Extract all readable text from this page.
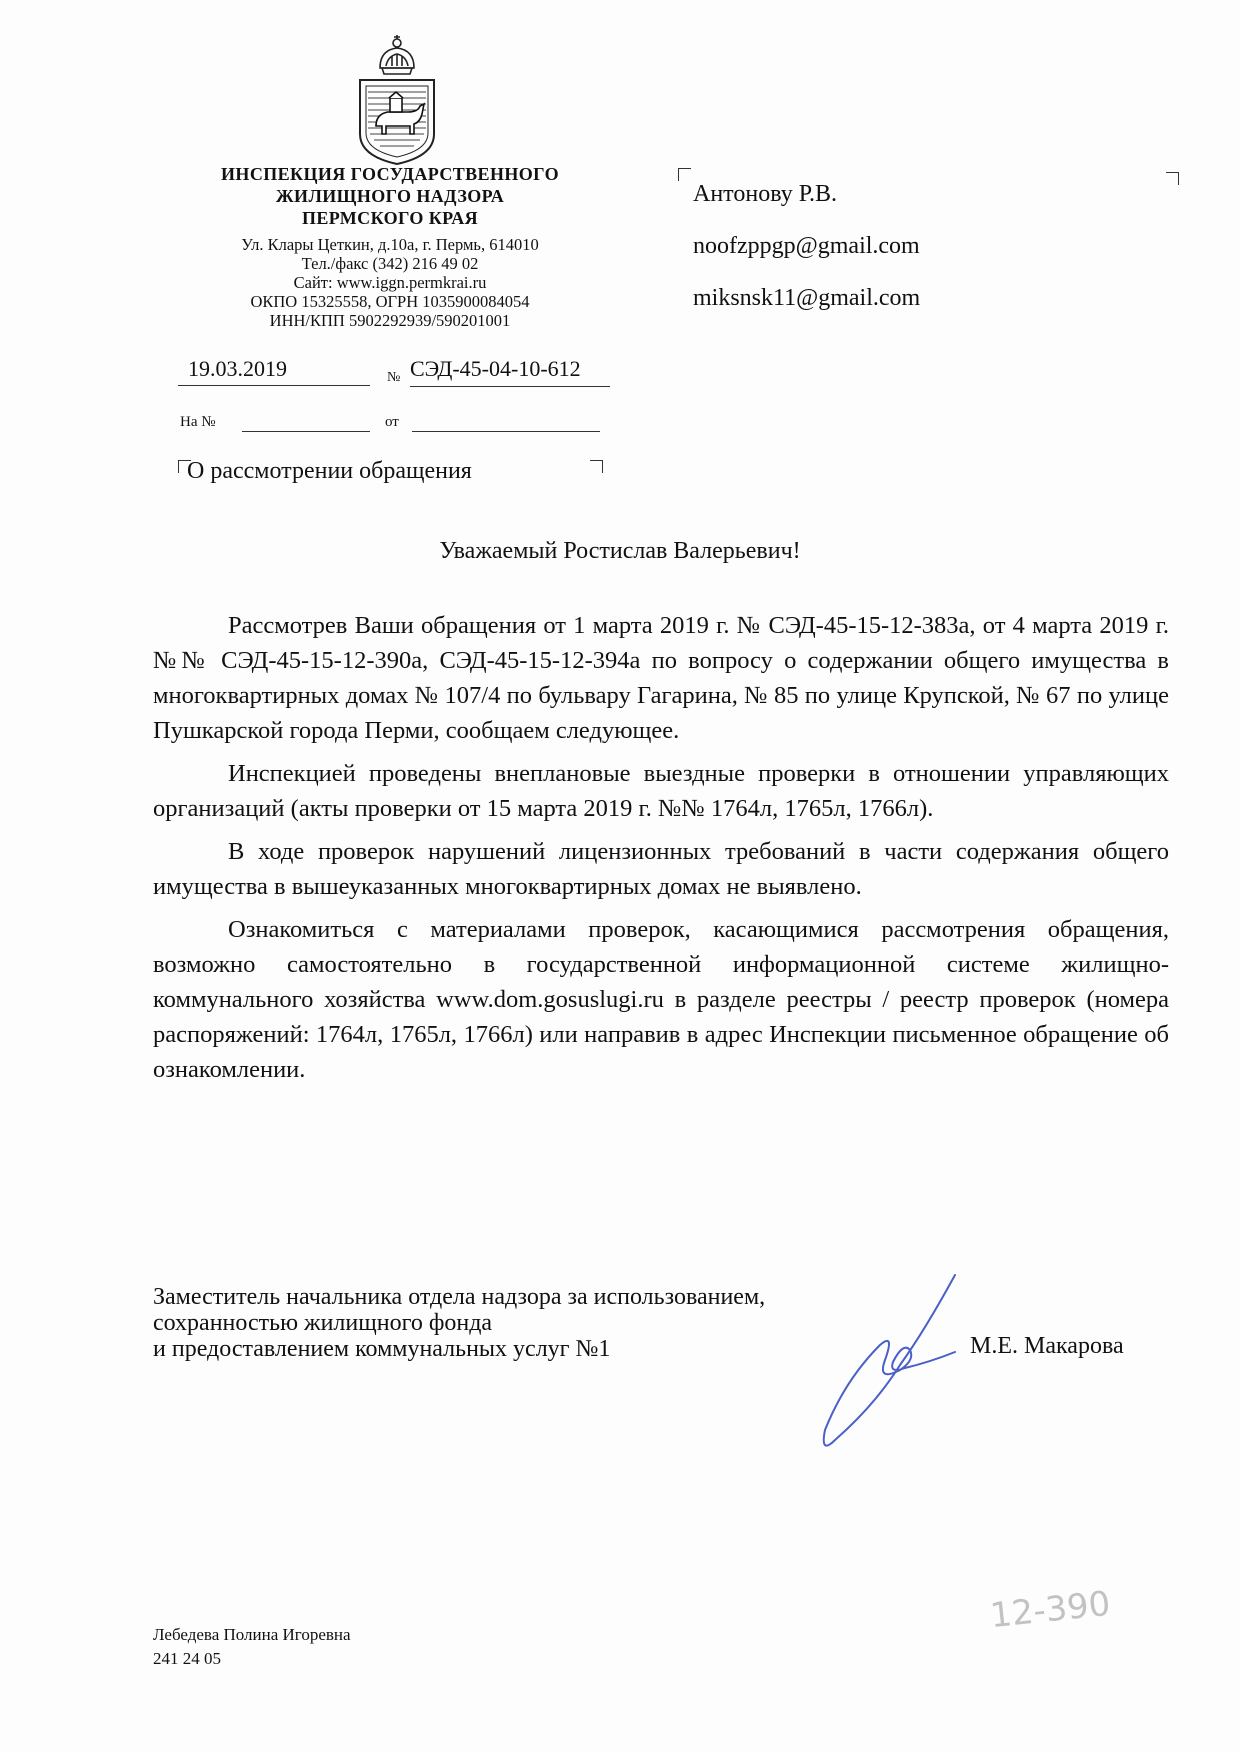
ИНСПЕКЦИЯ ГОСУДАРСТВЕННОГО
ЖИЛИЩНОГО НАДЗОРА
ПЕРМСКОГО КРАЯ
Ул. Клары Цеткин, д.10а, г. Пермь, 614010
Тел./факс (342) 216 49 02
Сайт: www.iggn.permkrai.ru
ОКПО 15325558, ОГРН 1035900084054
ИНН/КПП 5902292939/590201001
19.03.2019	№ СЭД-45-04-10-612
На №	от
О рассмотрении обращения
Антонову Р.В.
noofzppgp@gmail.com
miksnsk11@gmail.com
Уважаемый Ростислав Валерьевич!

Рассмотрев Ваши обращения от 1 марта 2019 г. № СЭД-45-15-12-383а, от 4 марта 2019 г. №№ СЭД-45-15-12-390а, СЭД-45-15-12-394а по вопросу о содержании общего имущества в многоквартирных домах № 107/4 по бульвару Гагарина, № 85 по улице Крупской, № 67 по улице Пушкарской города Перми, сообщаем следующее.

Инспекцией проведены внеплановые выездные проверки в отношении управляющих организаций (акты проверки от 15 марта 2019 г. №№ 1764л, 1765л, 1766л).

В ходе проверок нарушений лицензионных требований в части содержания общего имущества в вышеуказанных многоквартирных домах не выявлено.

Ознакомиться с материалами проверок, касающимися рассмотрения обращения, возможно самостоятельно в государственной информационной системе жилищно-коммунального хозяйства www.dom.gosuslugi.ru в разделе реестры / реестр проверок (номера распоряжений: 1764л, 1765л, 1766л) или направив в адрес Инспекции письменное обращение об ознакомлении.

Заместитель начальника отдела надзора за использованием,
сохранностью жилищного фонда
и предоставлением коммунальных услуг №1	М.Е. Макарова
12-390
Лебедева Полина Игоревна
241 24 05
